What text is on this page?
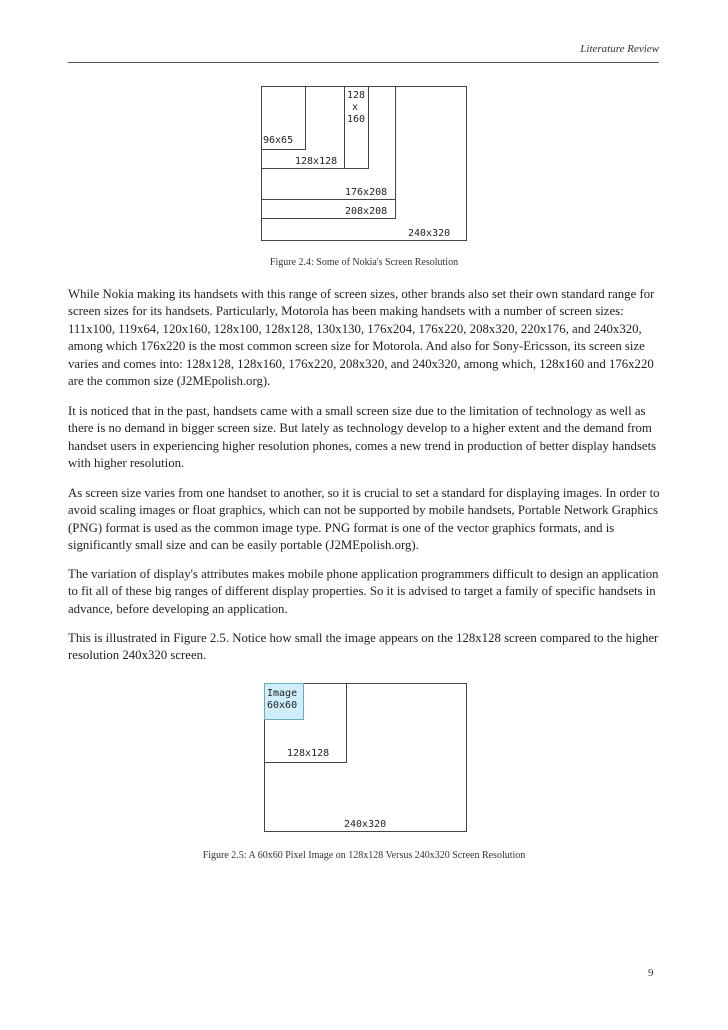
Literature Review
96x65
128
x
160
128x128
176x208
208x208
240x320
Figure 2.4: Some of Nokia's Screen Resolution

While Nokia making its handsets with this range of screen sizes, other brands also set their own standard range for screen sizes for its handsets. Particularly, Motorola has been making handsets with a number of screen sizes: 111x100, 119x64, 120x160, 128x100, 128x128, 130x130, 176x204, 176x220, 208x320, 220x176, and 240x320, among which 176x220 is the most common screen size for Motorola. And also for Sony-Ericsson, its screen size varies and comes into: 128x128, 128x160, 176x220, 208x320, and 240x320, among which, 128x160 and 176x220 are the common size (J2MEpolish.org).

It is noticed that in the past, handsets came with a small screen size due to the limitation of technology as well as there is no demand in bigger screen size. But lately as technology develop to a higher extent and the demand from handset users in experiencing higher resolution phones, comes a new trend in production of better display handsets with higher resolution.

As screen size varies from one handset to another, so it is crucial to set a standard for displaying images. In order to avoid scaling images or float graphics, which can not be supported by mobile handsets, Portable Network Graphics (PNG) format is used as the common image type. PNG format is one of the vector graphics formats, and is significantly small size and can be easily portable (J2MEpolish.org).

The variation of display's attributes makes mobile phone application programmers difficult to design an application to fit all of these big ranges of different display properties. So it is advised to target a family of specific handsets in advance, before developing an application.

This is illustrated in Figure 2.5. Notice how small the image appears on the 128x128 screen compared to the higher resolution 240x320 screen.

Image
60x60
128x128
240x320
Figure 2.5: A 60x60 Pixel Image on 128x128 Versus 240x320 Screen Resolution
9
